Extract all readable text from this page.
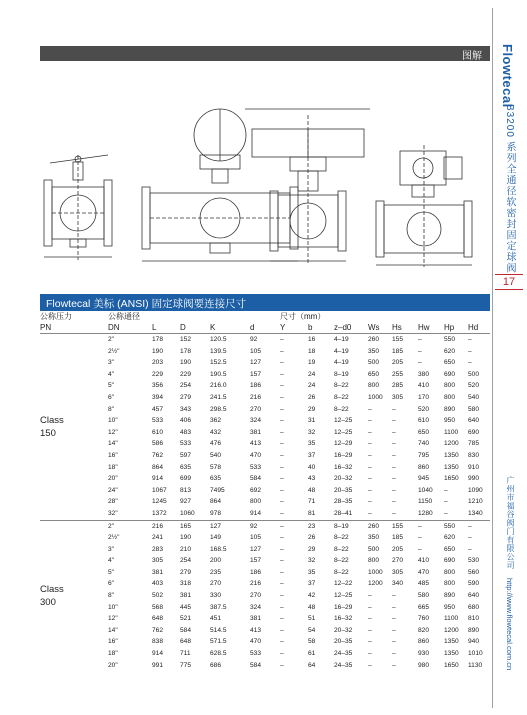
Flowtecal
B3200 系列全通径软密封固定球阀
17
广州市福谷阀门有限公司
http://www.flowtecal.com.cn
图解
Flowtecal 美标 (ANSI) 固定球阀要连接尺寸
公称压力	公称通径					尺寸（mm）							
PN	DN	L	D	K	d	Y	b	z–d0	Ws	Hs	Hw	Hp	Hd
Class
150	2"	178	152	120.5	92	–	16	4–19	260	155	–	550	–
	2½"	190	178	139.5	105	–	18	4–19	350	185	–	620	–
	3"	203	190	152.5	127	–	19	4–19	500	205	–	650	–
	4"	229	229	190.5	157	–	24	8–19	650	255	380	690	500
	5"	356	254	216.0	186	–	24	8–22	800	285	410	800	520
	6"	394	279	241.5	216	–	26	8–22	1000	305	170	800	540
	8"	457	343	298.5	270	–	29	8–22	–	–	520	890	580
	10"	533	406	362	324	–	31	12–25	–	–	610	950	640
	12"	610	483	432	381	–	32	12–25	–	–	650	1100	690
	14"	586	533	476	413	–	35	12–29	–	–	740	1200	785
	16"	762	597	540	470	–	37	16–29	–	–	795	1350	830
	18"	864	635	578	533	–	40	16–32	–	–	860	1350	910
	20"	914	699	635	584	–	43	20–32	–	–	945	1650	990
	24"	1067	813	7495	692	–	48	20–35	–	–	1040	–	1090
	28"	1245	927	864	800	–	71	28–35	–	–	1150	–	1210
	32"	1372	1060	978	914	–	81	28–41	–	–	1280	–	1340
Class
300	2"	216	165	127	92	–	23	8–19	260	155	–	550	–
	2½"	241	190	149	105	–	26	8–22	350	185	–	620	–
	3"	283	210	168.5	127	–	29	8–22	500	205	–	650	–
	4"	305	254	200	157	–	32	8–22	800	270	410	690	530
	5"	381	279	235	186	–	35	8–22	1000	305	470	800	560
	6"	403	318	270	216	–	37	12–22	1200	340	485	800	590
	8"	502	381	330	270	–	42	12–25	–	–	580	890	640
	10"	568	445	387.5	324	–	48	16–29	–	–	665	950	680
	12"	648	521	451	381	–	51	16–32	–	–	760	1100	810
	14"	762	584	514.5	413	–	54	20–32	–	–	820	1200	890
	16"	838	648	571.5	470	–	58	20–35	–	–	860	1350	940
	18"	914	711	628.5	533	–	61	24–35	–	–	930	1350	1010
	20"	991	775	686	584	–	64	24–35	–	–	980	1650	1130
